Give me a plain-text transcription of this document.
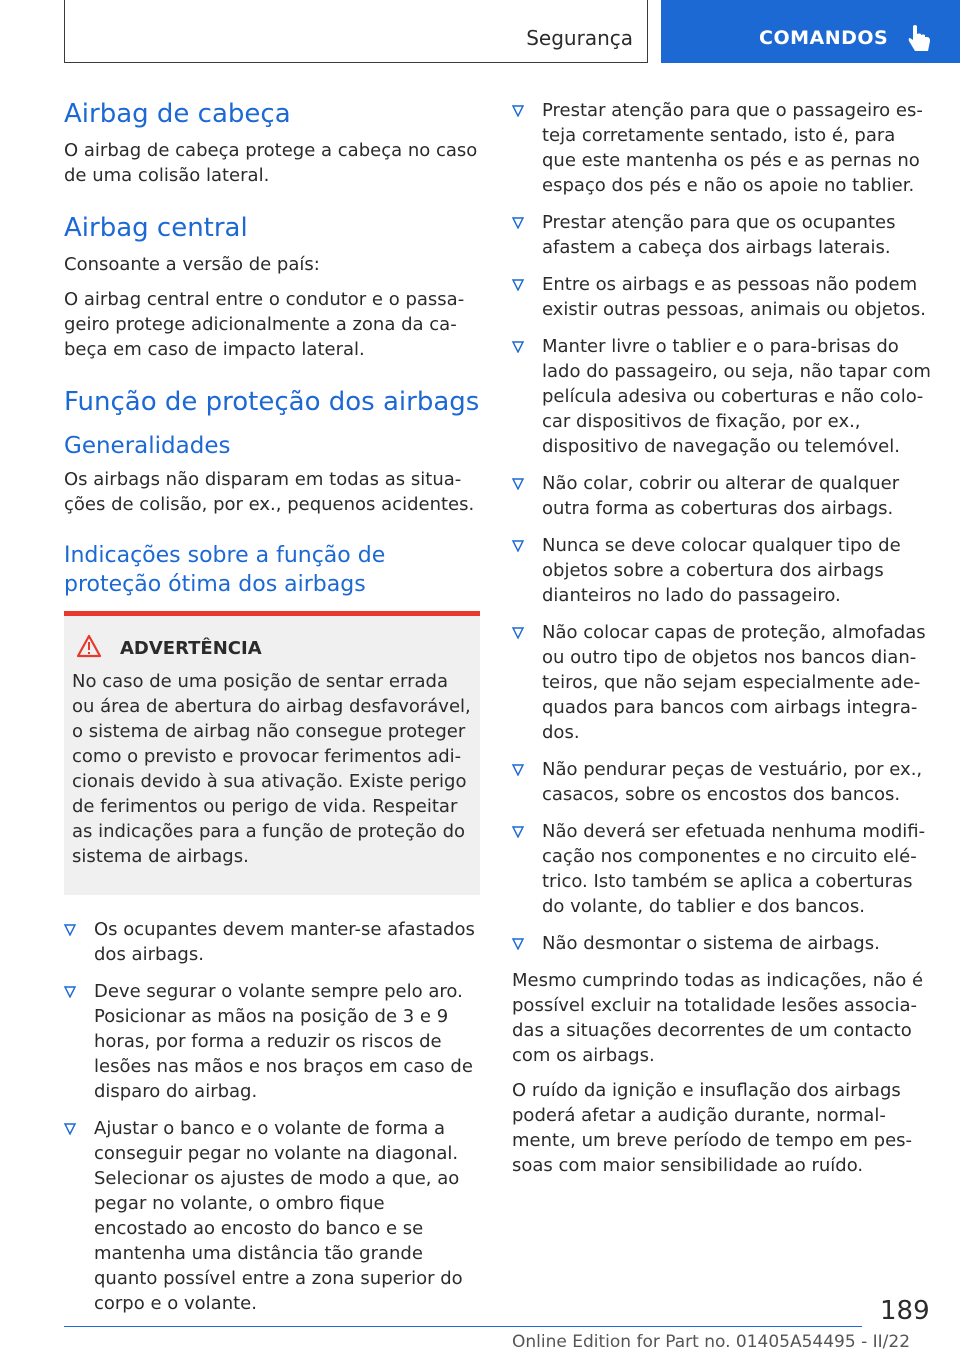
Segurança	COMANDOS
Airbag de cabeça

O airbag de cabeça protege a cabeça no caso de uma colisão lateral.

Airbag central

Consoante a versão de país:

O airbag central entre o condutor e o passageiro protege adicionalmente a zona da cabeça em caso de impacto lateral.

Função de proteção dos airbags
Generalidades

Os airbags não disparam em todas as situações de colisão, por ex., pequenos acidentes.

Indicações sobre a função de proteção ótima dos airbags
ADVERTÊNCIA

No caso de uma posição de sentar errada ou área de abertura do airbag desfavorável, o sistema de airbag não consegue proteger como o previsto e provocar ferimentos adicionais devido à sua ativação. Existe perigo de ferimentos ou perigo de vida. Respeitar as indicações para a função de proteção do sistema de airbags.

Os ocupantes devem manter-se afastados dos airbags.
Deve segurar o volante sempre pelo aro. Posicionar as mãos na posição de 3 e 9 horas, por forma a reduzir os riscos de lesões nas mãos e nos braços em caso de disparo do airbag.
Ajustar o banco e o volante de forma a conseguir pegar no volante na diagonal. Selecionar os ajustes de modo a que, ao pegar no volante, o ombro fique encostado ao encosto do banco e se mantenha uma distância tão grande quanto possível entre a zona superior do corpo e o volante.
Prestar atenção para que o passageiro esteja corretamente sentado, isto é, para que este mantenha os pés e as pernas no espaço dos pés e não os apoie no tablier.
Prestar atenção para que os ocupantes afastem a cabeça dos airbags laterais.
Entre os airbags e as pessoas não podem existir outras pessoas, animais ou objetos.
Manter livre o tablier e o para-brisas do lado do passageiro, ou seja, não tapar com película adesiva ou coberturas e não colocar dispositivos de fixação, por ex., dispositivo de navegação ou telemóvel.
Não colar, cobrir ou alterar de qualquer outra forma as coberturas dos airbags.
Nunca se deve colocar qualquer tipo de objetos sobre a cobertura dos airbags dianteiros no lado do passageiro.
Não colocar capas de proteção, almofadas ou outro tipo de objetos nos bancos dianteiros, que não sejam especialmente adequados para bancos com airbags integrados.
Não pendurar peças de vestuário, por ex., casacos, sobre os encostos dos bancos.
Não deverá ser efetuada nenhuma modificação nos componentes e no circuito elétrico. Isto também se aplica a coberturas do volante, do tablier e dos bancos.
Não desmontar o sistema de airbags.

Mesmo cumprindo todas as indicações, não é possível excluir na totalidade lesões associadas a situações decorrentes de um contacto com os airbags.

O ruído da ignição e insuflação dos airbags poderá afetar a audição durante, normalmente, um breve período de tempo em pessoas com maior sensibilidade ao ruído.

189
Online Edition for Part no. 01405A54495 - II/22
